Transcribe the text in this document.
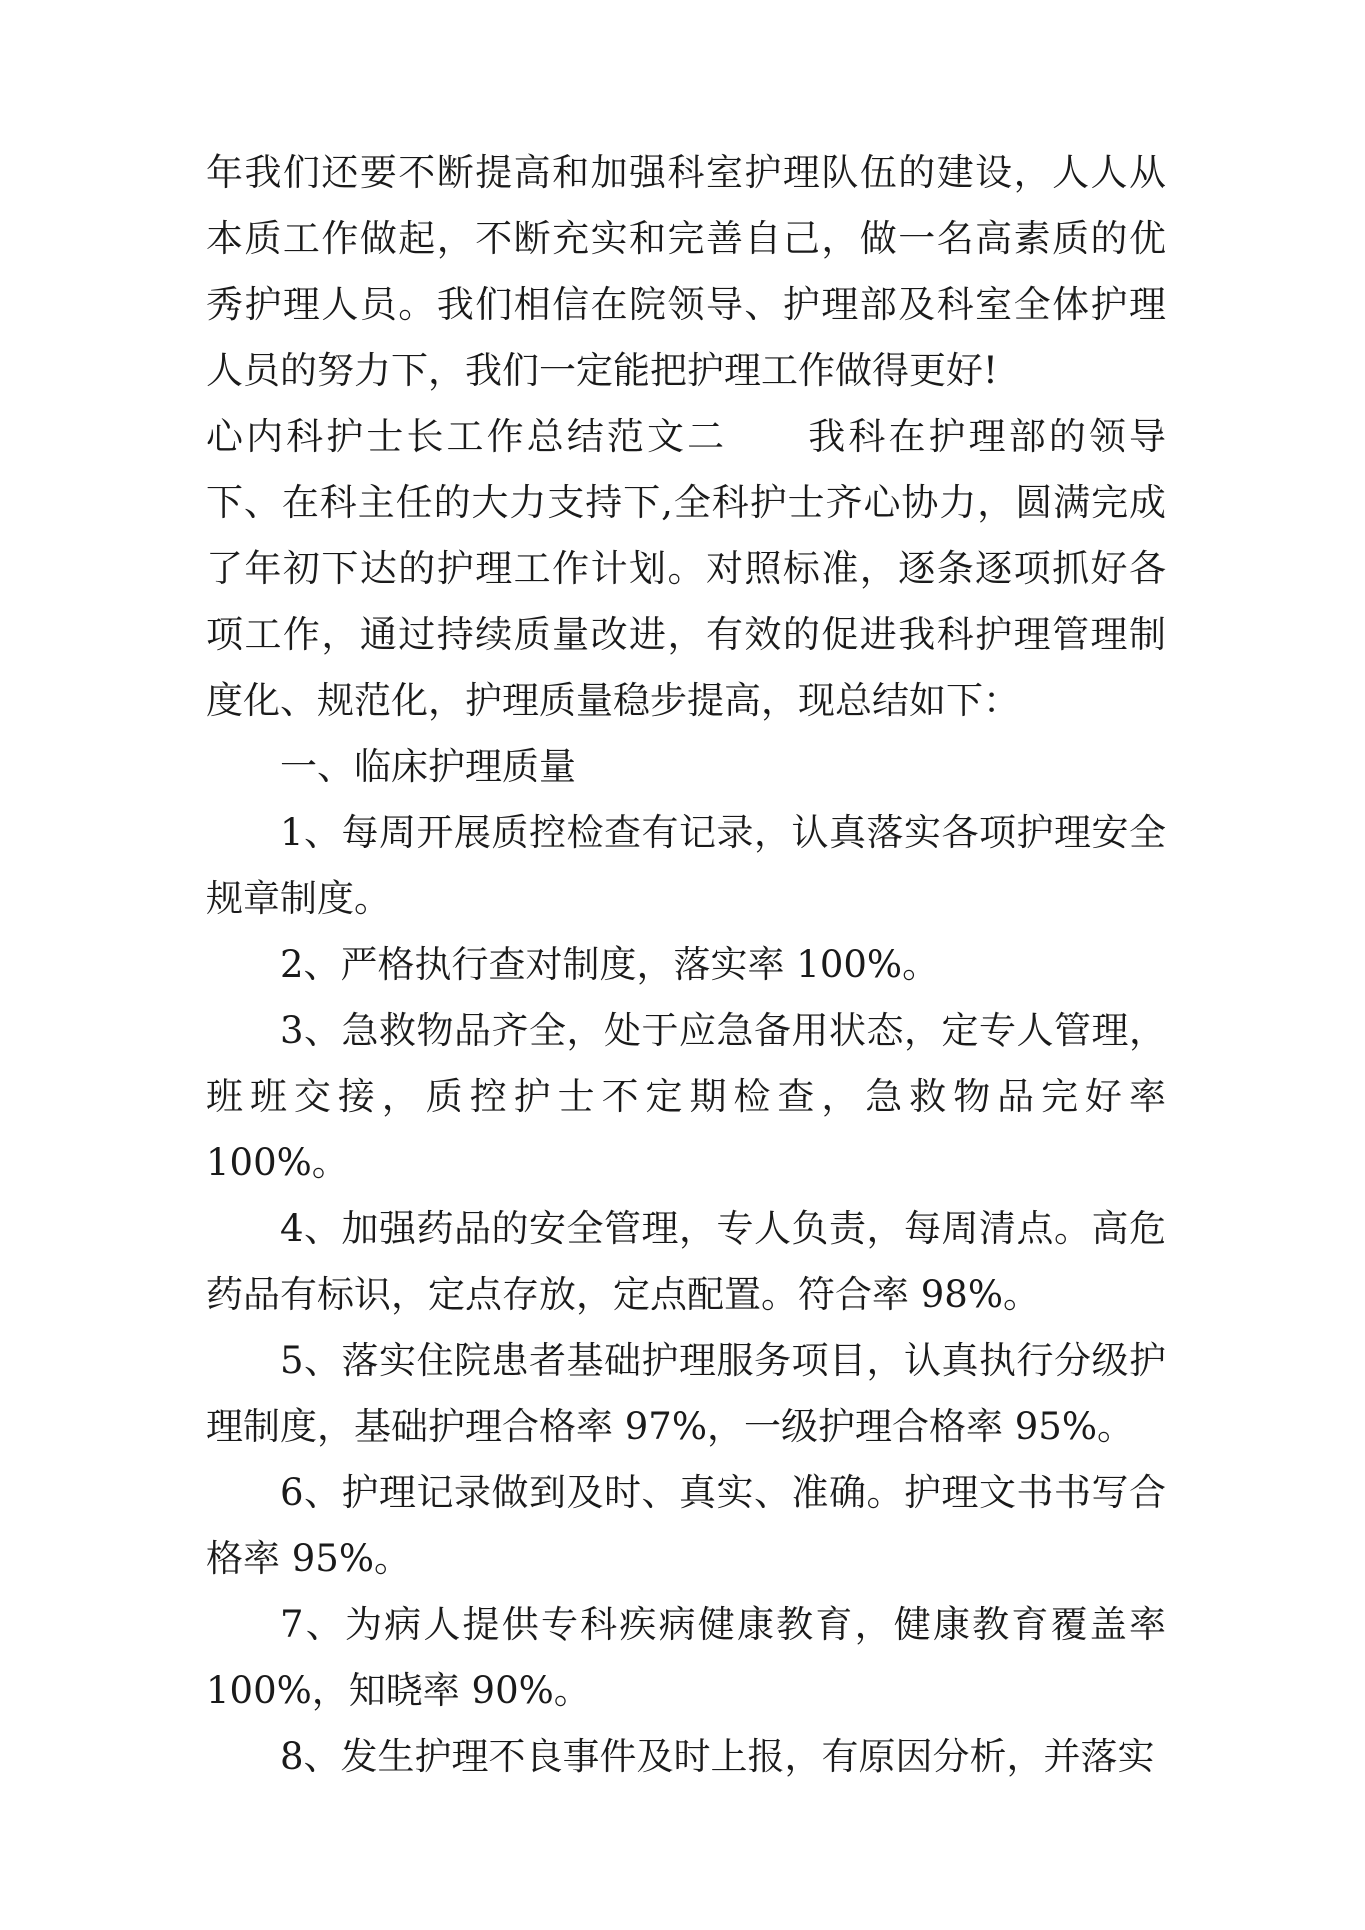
年我们还要不断提高和加强科室护理队伍的建设，人人从本质工作做起，不断充实和完善自己，做一名高素质的优秀护理人员。我们相信在院领导、护理部及科室全体护理人员的努力下，我们一定能把护理工作做得更好!

心内科护士长工作总结范文二 我科在护理部的领导下、在科主任的大力支持下,全科护士齐心协力，圆满完成了年初下达的护理工作计划。对照标准，逐条逐项抓好各项工作，通过持续质量改进，有效的促进我科护理管理制度化、规范化，护理质量稳步提高，现总结如下：

一、临床护理质量

1、每周开展质控检查有记录，认真落实各项护理安全规章制度。

2、严格执行查对制度，落实率 100%。

3、急救物品齐全，处于应急备用状态，定专人管理，班班交接，质控护士不定期检查，急救物品完好率 100%。

4、加强药品的安全管理，专人负责，每周清点。高危药品有标识，定点存放，定点配置。符合率 98%。

5、落实住院患者基础护理服务项目，认真执行分级护理制度，基础护理合格率 97%，一级护理合格率 95%。

6、护理记录做到及时、真实、准确。护理文书书写合格率 95%。

7、为病人提供专科疾病健康教育，健康教育覆盖率 100%，知晓率 90%。

8、发生护理不良事件及时上报，有原因分析，并落实
